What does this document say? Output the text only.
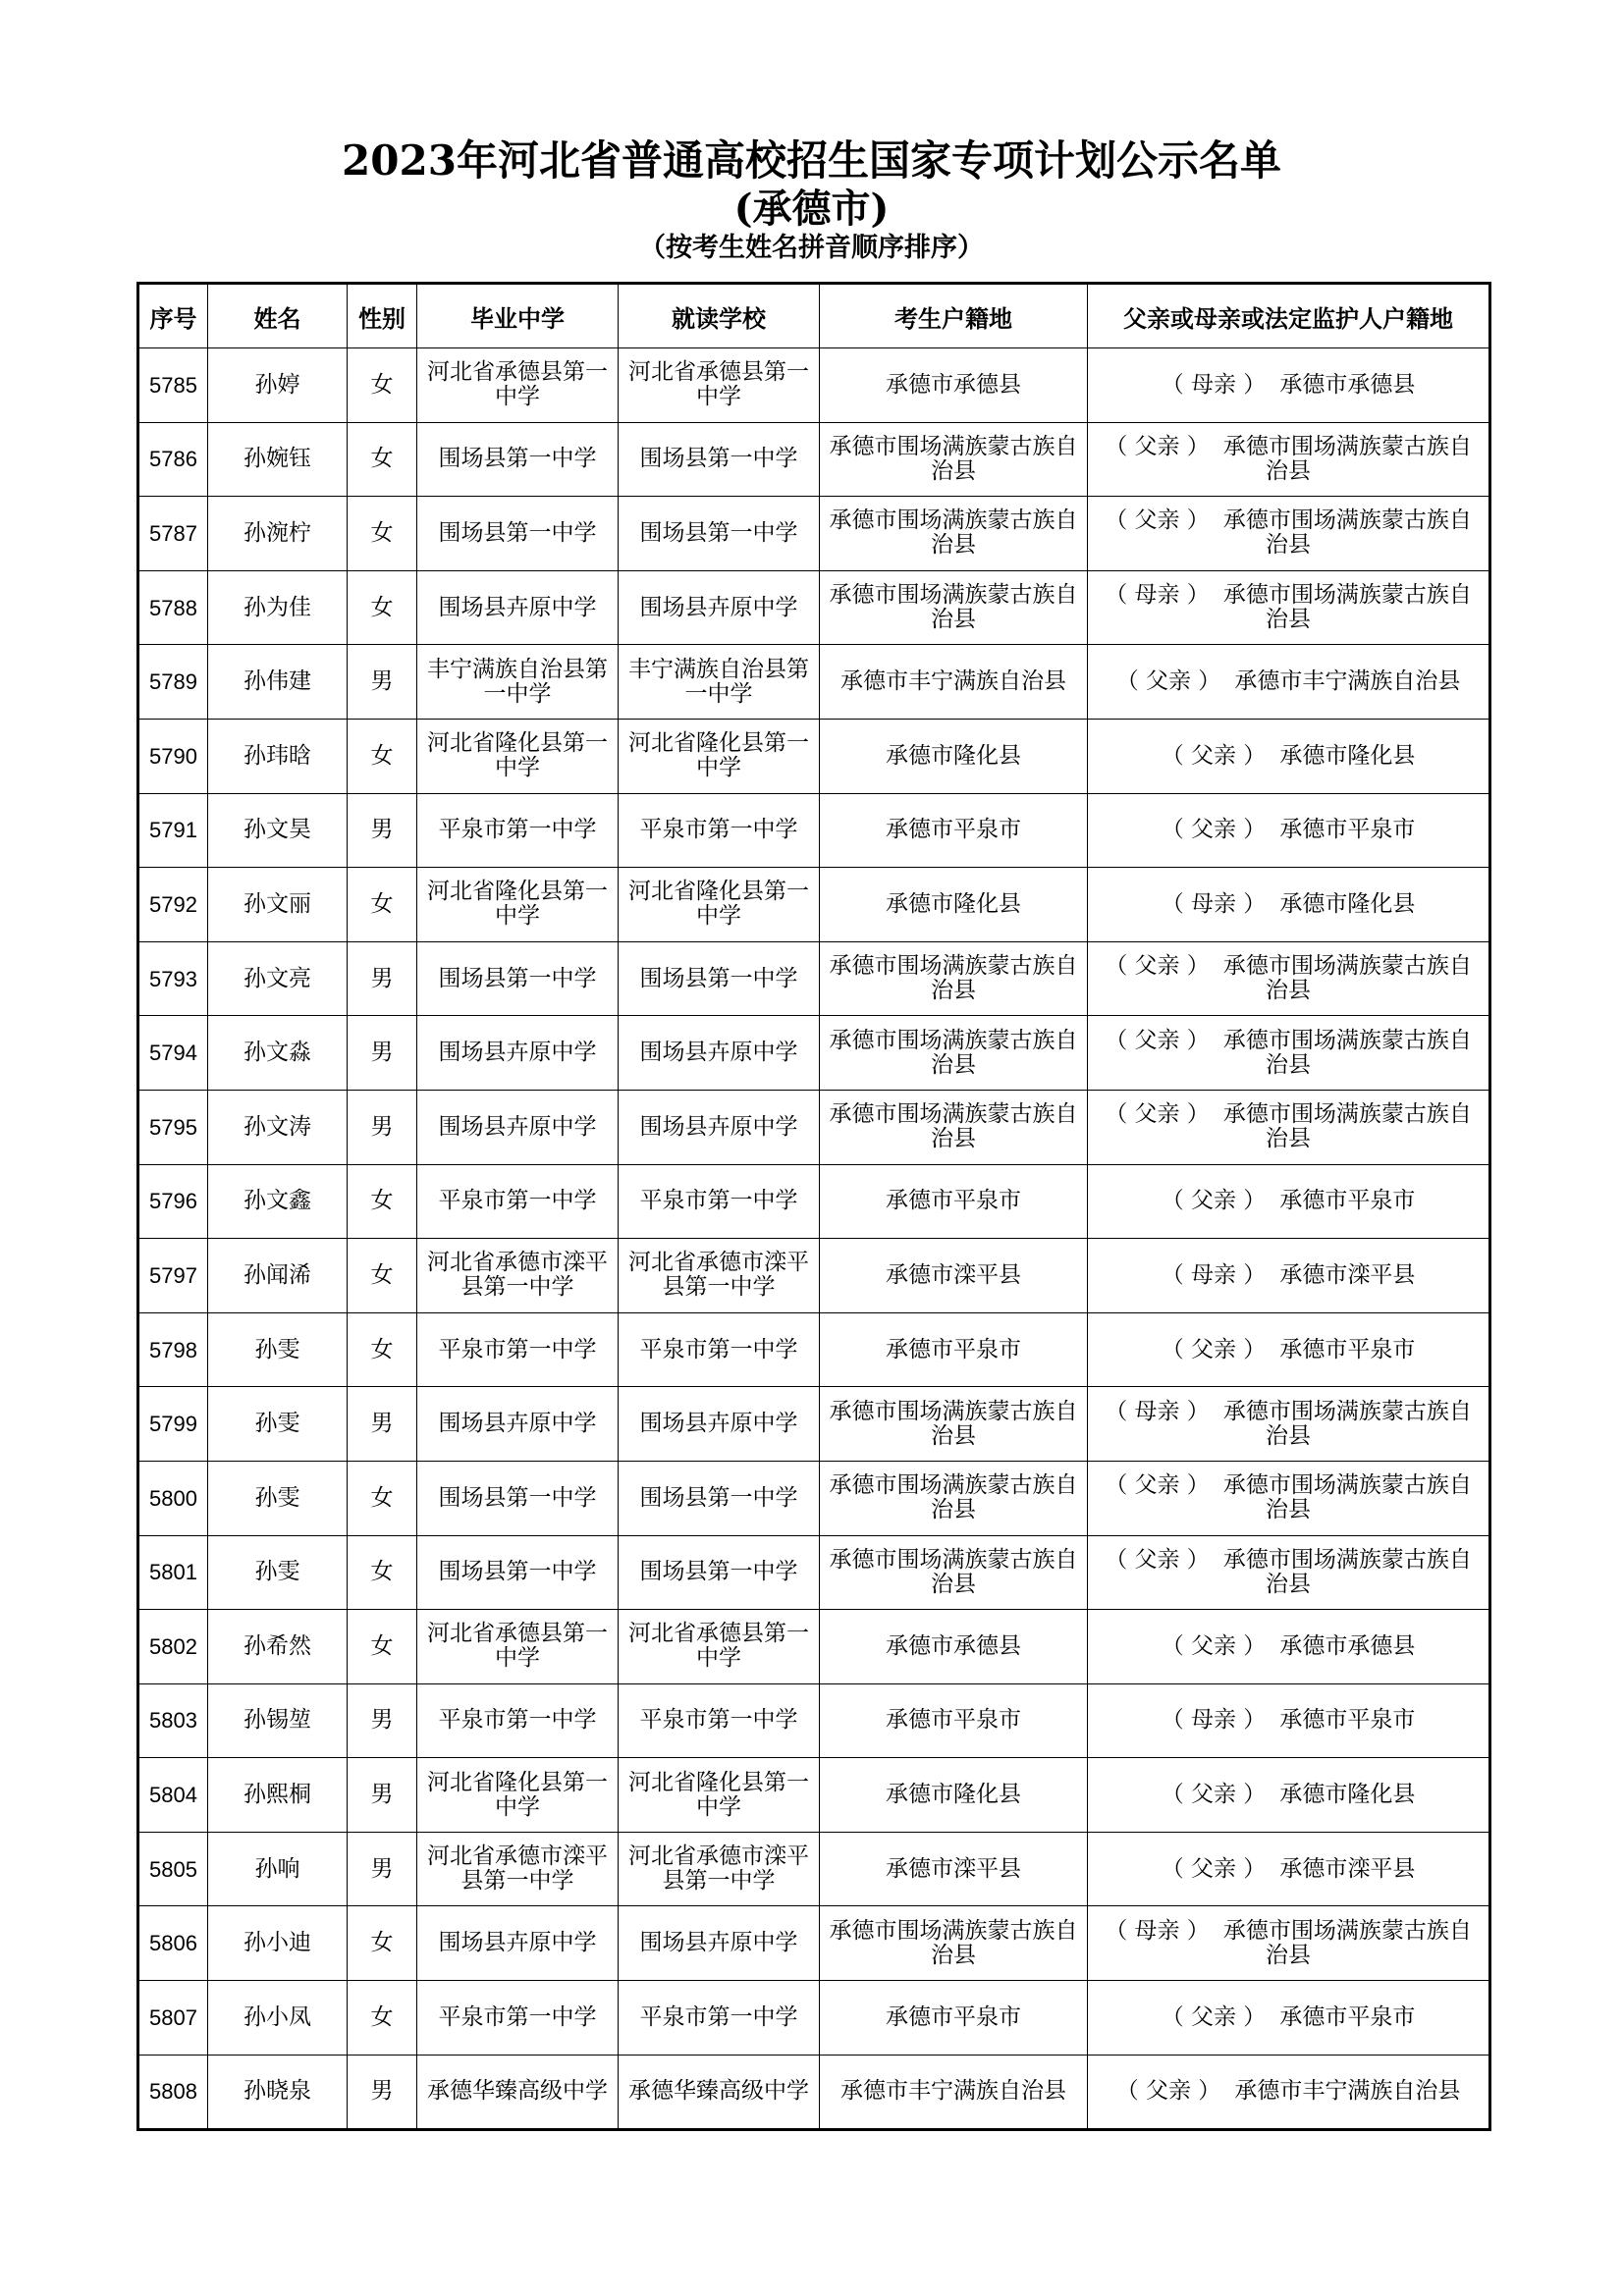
2023年河北省普通高校招生国家专项计划公示名单
(承德市)
（按考生姓名拼音顺序排序）
序号	姓名	性别	毕业中学	就读学校	考生户籍地	父亲或母亲或法定监护人户籍地
5785	孙婷	女	河北省承德县第一中学	河北省承德县第一中学	承德市承德县	（ 母亲 ） 承德市承德县
5786	孙婉钰	女	围场县第一中学	围场县第一中学	承德市围场满族蒙古族自治县	（ 父亲 ） 承德市围场满族蒙古族自治县
5787	孙涴柠	女	围场县第一中学	围场县第一中学	承德市围场满族蒙古族自治县	（ 父亲 ） 承德市围场满族蒙古族自治县
5788	孙为佳	女	围场县卉原中学	围场县卉原中学	承德市围场满族蒙古族自治县	（ 母亲 ） 承德市围场满族蒙古族自治县
5789	孙伟建	男	丰宁满族自治县第一中学	丰宁满族自治县第一中学	承德市丰宁满族自治县	（ 父亲 ） 承德市丰宁满族自治县
5790	孙玮晗	女	河北省隆化县第一中学	河北省隆化县第一中学	承德市隆化县	（ 父亲 ） 承德市隆化县
5791	孙文昊	男	平泉市第一中学	平泉市第一中学	承德市平泉市	（ 父亲 ） 承德市平泉市
5792	孙文丽	女	河北省隆化县第一中学	河北省隆化县第一中学	承德市隆化县	（ 母亲 ） 承德市隆化县
5793	孙文亮	男	围场县第一中学	围场县第一中学	承德市围场满族蒙古族自治县	（ 父亲 ） 承德市围场满族蒙古族自治县
5794	孙文淼	男	围场县卉原中学	围场县卉原中学	承德市围场满族蒙古族自治县	（ 父亲 ） 承德市围场满族蒙古族自治县
5795	孙文涛	男	围场县卉原中学	围场县卉原中学	承德市围场满族蒙古族自治县	（ 父亲 ） 承德市围场满族蒙古族自治县
5796	孙文鑫	女	平泉市第一中学	平泉市第一中学	承德市平泉市	（ 父亲 ） 承德市平泉市
5797	孙闻浠	女	河北省承德市滦平县第一中学	河北省承德市滦平县第一中学	承德市滦平县	（ 母亲 ） 承德市滦平县
5798	孙雯	女	平泉市第一中学	平泉市第一中学	承德市平泉市	（ 父亲 ） 承德市平泉市
5799	孙雯	男	围场县卉原中学	围场县卉原中学	承德市围场满族蒙古族自治县	（ 母亲 ） 承德市围场满族蒙古族自治县
5800	孙雯	女	围场县第一中学	围场县第一中学	承德市围场满族蒙古族自治县	（ 父亲 ） 承德市围场满族蒙古族自治县
5801	孙雯	女	围场县第一中学	围场县第一中学	承德市围场满族蒙古族自治县	（ 父亲 ） 承德市围场满族蒙古族自治县
5802	孙希然	女	河北省承德县第一中学	河北省承德县第一中学	承德市承德县	（ 父亲 ） 承德市承德县
5803	孙锡堃	男	平泉市第一中学	平泉市第一中学	承德市平泉市	（ 母亲 ） 承德市平泉市
5804	孙熙桐	男	河北省隆化县第一中学	河北省隆化县第一中学	承德市隆化县	（ 父亲 ） 承德市隆化县
5805	孙响	男	河北省承德市滦平县第一中学	河北省承德市滦平县第一中学	承德市滦平县	（ 父亲 ） 承德市滦平县
5806	孙小迪	女	围场县卉原中学	围场县卉原中学	承德市围场满族蒙古族自治县	（ 母亲 ） 承德市围场满族蒙古族自治县
5807	孙小凤	女	平泉市第一中学	平泉市第一中学	承德市平泉市	（ 父亲 ） 承德市平泉市
5808	孙晓泉	男	承德华臻高级中学	承德华臻高级中学	承德市丰宁满族自治县	（ 父亲 ） 承德市丰宁满族自治县
